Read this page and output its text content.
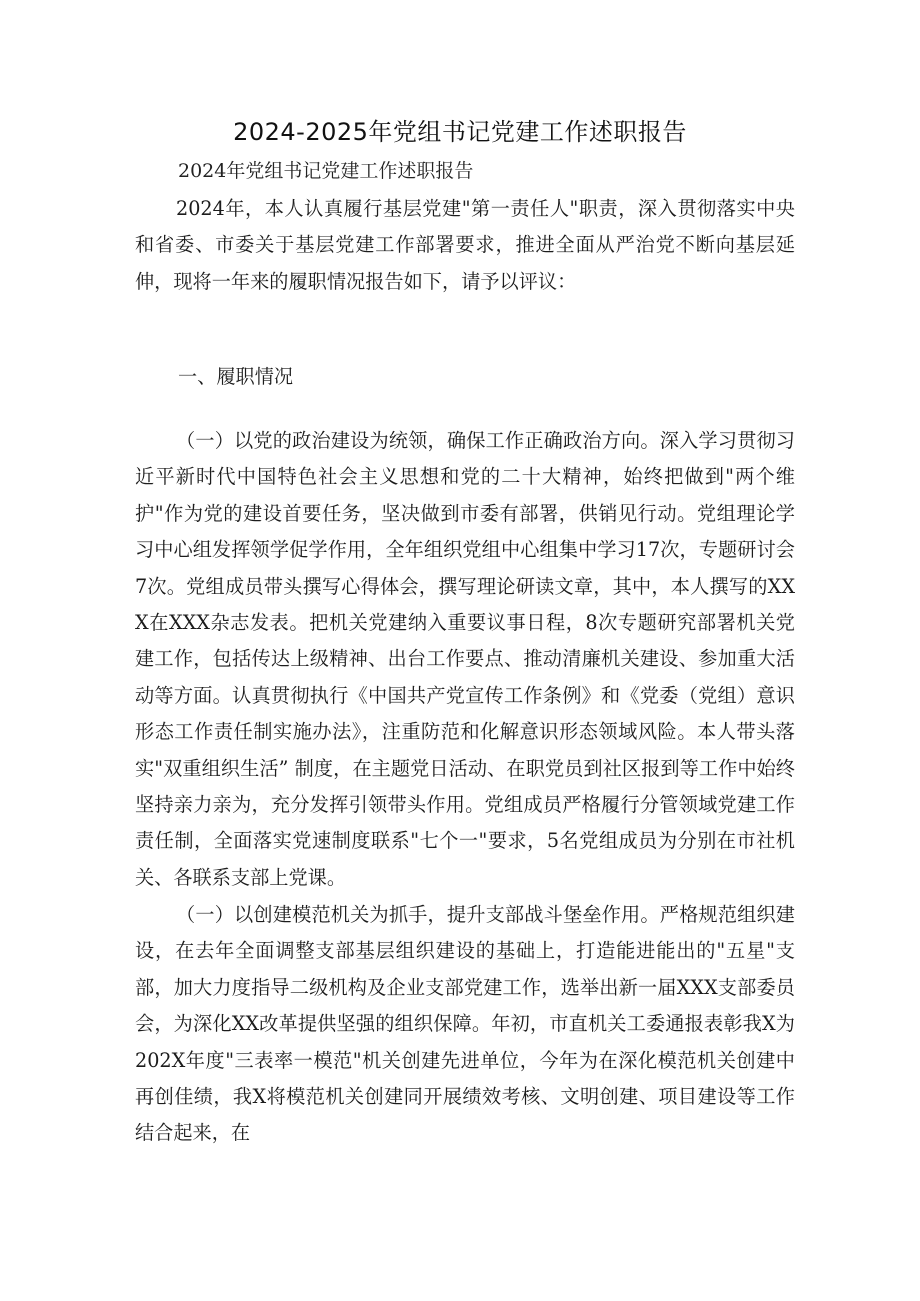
2024-2025年党组书记党建工作述职报告

2024年党组书记党建工作述职报告

2024年，本人认真履行基层党建"第一责任人"职责，深入贯彻落实中央和省委、市委关于基层党建工作部署要求，推进全面从严治党不断向基层延伸，现将一年来的履职情况报告如下，请予以评议：

一、履职情况

（一）以党的政治建设为统领，确保工作正确政治方向。深入学习贯彻习近平新时代中国特色社会主义思想和党的二十大精神，始终把做到"两个维护"作为党的建设首要任务，坚决做到市委有部署，供销见行动。党组理论学习中心组发挥领学促学作用，全年组织党组中心组集中学习17次，专题研讨会7次。党组成员带头撰写心得体会，撰写理论研读文章，其中，本人撰写的XXX在XXX杂志发表。把机关党建纳入重要议事日程，8次专题研究部署机关党建工作，包括传达上级精神、出台工作要点、推动清廉机关建设、参加重大活动等方面。认真贯彻执行《中国共产党宣传工作条例》和《党委（党组）意识形态工作责任制实施办法》，注重防范和化解意识形态领域风险。本人带头落实"双重组织生活” 制度，在主题党日活动、在职党员到社区报到等工作中始终坚持亲力亲为，充分发挥引领带头作用。党组成员严格履行分管领域党建工作责任制，全面落实党速制度联系"七个一"要求，5名党组成员为分别在市社机关、各联系支部上党课。

（一）以创建模范机关为抓手，提升支部战斗堡垒作用。严格规范组织建设，在去年全面调整支部基层组织建设的基础上，打造能进能出的"五星"支部，加大力度指导二级机构及企业支部党建工作，选举出新一届XXX支部委员会，为深化XX改革提供坚强的组织保障。年初，市直机关工委通报表彰我X为202X年度"三表率一模范"机关创建先进单位，今年为在深化模范机关创建中再创佳绩，我X将模范机关创建同开展绩效考核、文明创建、项目建设等工作结合起来，在
